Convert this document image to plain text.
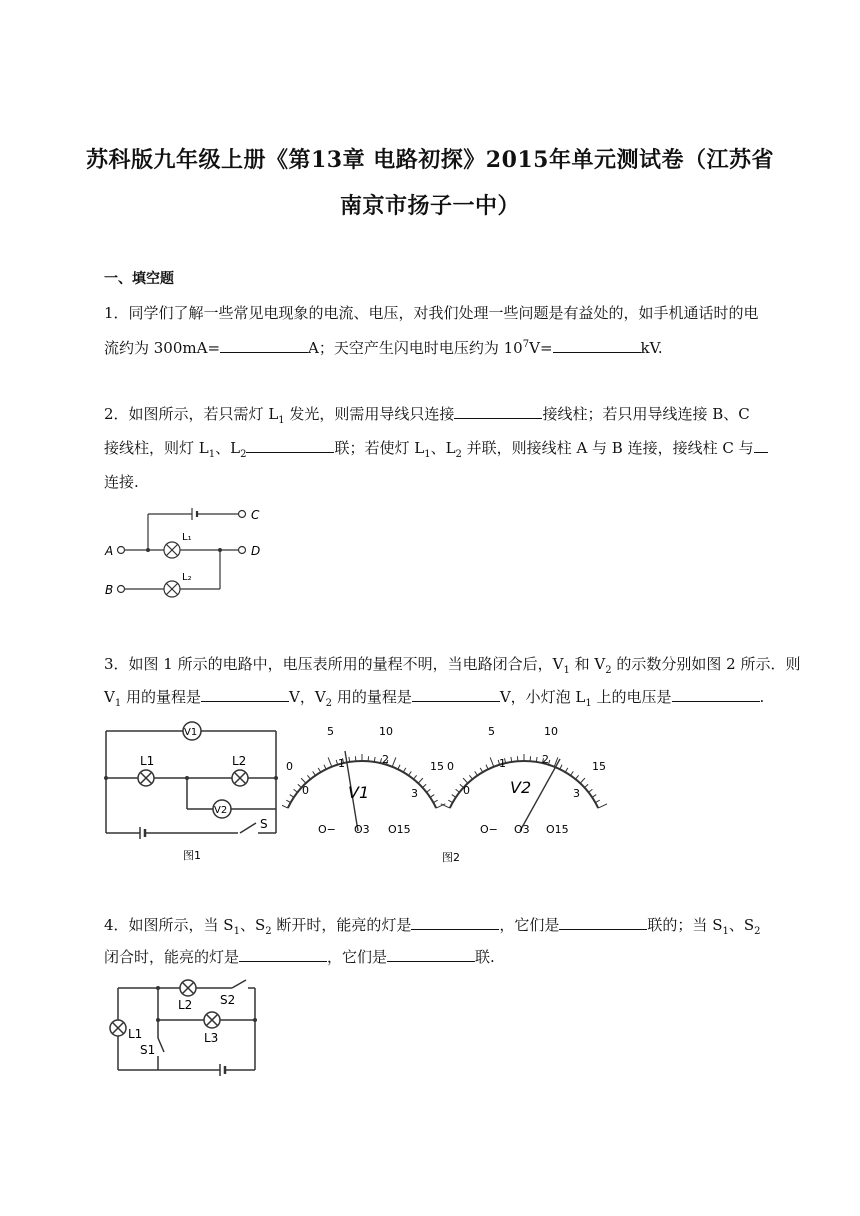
苏科版九年级上册《第13章 电路初探》2015年单元测试卷（江苏省
南京市扬子一中）
一、填空题
1．同学们了解一些常见电现象的电流、电压，对我们处理一些问题是有益处的，如手机通话时的电
流约为 300mA=	A；天空产生闪电时电压约为 $10^7V=$	kV.
2．如图所示，若只需灯 $L_1$ 发光，则需用导线只连接	接线柱；若只用导线连接 B、C
接线柱，则灯 $L_1$、$L_2$	联；若使灯 $L_1$、$L_2$ 并联，则接线柱 A 与 B 连接，接线柱 C 与
连接.
A
B
C
D
L₁
L₂
3．如图 1 所示的电路中，电压表所用的量程不明，当电路闭合后，$V_1$ 和 $V_2$ 的示数分别如图 2 所示．则
$V_1$ 用的量程是	V，$V_2$ 用的量程是	V，小灯泡 $L_1$ 上的电压是	.
V1
V2
L1	L2
S
图1
0
5	10
15
0
1	2
3
V1
O− O3 O15
0
5	10
15
0
1	2
3
V2
O− O3 O15
图2
4．如图所示，当 $S_1$、$S_2$ 断开时，能亮的灯是	，它们是	联的；当 $S_1$、$S_2$
闭合时，能亮的灯是	，它们是	联.
L1
L2
L3
S1
S2
